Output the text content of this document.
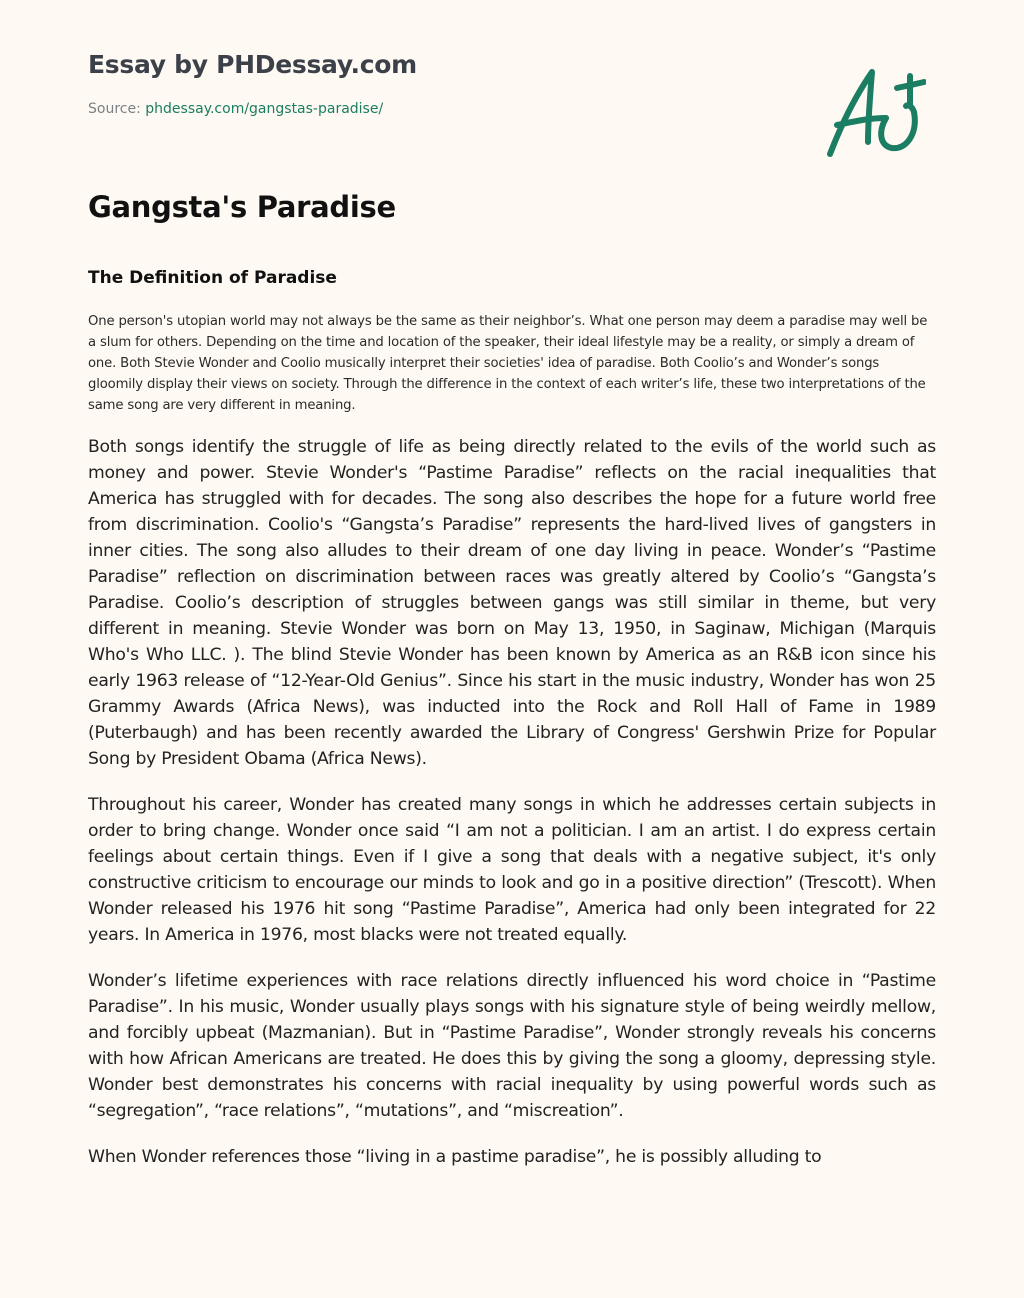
Essay by PHDessay.com
Source: phdessay.com/gangstas-paradise/
Gangsta's Paradise
The Definition of Paradise

One person's utopian world may not always be the same as their neighbor’s. What one person may deem a paradise may well be a slum for others. Depending on the time and location of the speaker, their ideal lifestyle may be a reality, or simply a dream of one. Both Stevie Wonder and Coolio musically interpret their societies' idea of paradise. Both Coolio’s and Wonder’s songs gloomily display their views on society. Through the difference in the context of each writer’s life, these two interpretations of the same song are very different in meaning.

Both songs identify the struggle of life as being directly related to the evils of the world such as money and power. Stevie Wonder's “Pastime Paradise” reflects on the racial inequalities that America has struggled with for decades. The song also describes the hope for a future world free from discrimination. Coolio's “Gangsta’s Paradise” represents the hard-lived lives of gangsters in inner cities. The song also alludes to their dream of one day living in peace. Wonder’s “Pastime Paradise” reflection on discrimination between races was greatly altered by Coolio’s “Gangsta’s Paradise. Coolio’s description of struggles between gangs was still similar in theme, but very different in meaning. Stevie Wonder was born on May 13, 1950, in Saginaw, Michigan (Marquis Who's Who LLC. ). The blind Stevie Wonder has been known by America as an R&B icon since his early 1963 release of “12-Year-Old Genius”. Since his start in the music industry, Wonder has won 25 Grammy Awards (Africa News), was inducted into the Rock and Roll Hall of Fame in 1989 (Puterbaugh) and has been recently awarded the Library of Congress' Gershwin Prize for Popular Song by President Obama (Africa News).

Throughout his career, Wonder has created many songs in which he addresses certain subjects in order to bring change. Wonder once said “I am not a politician. I am an artist. I do express certain feelings about certain things. Even if I give a song that deals with a negative subject, it's only constructive criticism to encourage our minds to look and go in a positive direction” (Trescott). When Wonder released his 1976 hit song “Pastime Paradise”, America had only been integrated for 22 years. In America in 1976, most blacks were not treated equally.

Wonder’s lifetime experiences with race relations directly influenced his word choice in “Pastime Paradise”. In his music, Wonder usually plays songs with his signature style of being weirdly mellow, and forcibly upbeat (Mazmanian). But in “Pastime Paradise”, Wonder strongly reveals his concerns with how African Americans are treated. He does this by giving the song a gloomy, depressing style. Wonder best demonstrates his concerns with racial inequality by using powerful words such as “segregation”, “race relations”, “mutations”, and “miscreation”.

When Wonder references those “living in a pastime paradise”, he is possibly alluding to
